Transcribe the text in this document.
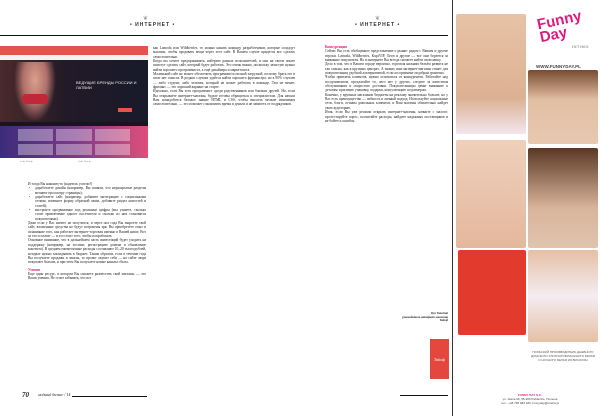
❦
• ИНТЕРНЕТ •
ВЕДУЩИЕ БРЕНДЫ РОССИИ И ЛАТВИИ
Сайт Tatioф	Сайт Tatioф

И тогда Вы наконец-то (надеюсь успели?)

• доработаете дизайн (например, Вы поняли, что нераскрытые разделы мешают просмотру страницы);
• доработаете сайт (например, добавите интеграцию с социальными сетями, измените форму обратной связи, добавите раздел новостей и статей);
• настроите продвижение под реальные цифры (мы узнаете, сколько стоит привлечение одного посетителя и сколько из них становятся покупателями).

Даже если у Вас ничего не получится, и через пол года Вы закроете свой сайт, вложенные средства не будут потрачены зря: Вы приобретёте опыт и понимание того, как работает интернет-торговля именно в Вашей нише. Вот за это и платят — и это стоит того, чтобы попробовать.

Основное внимание, что в дальнейшем часть инвестиций будет уходить на поддержку (например, на хостинг, регистрацию домена и обновление контента). В среднем ежемесячные расходы составляют 10–20 тысяч рублей, которые нужно закладывать в бюджет. Таким образом, если в течение года Вы получаете продажи и заказы, то проект окупит себя — на сайте люди покупают больше, и при этом Вы получаете новые каналы сбыта.

Умение

Еще один ресурс, в котором Вы сможете разместить свой магазин, — это Ваши умения. Не стоит забывать, что все

как Lamoda или Wildberries, то можно нанять команду разработчиков, которые создадут магазин, чтобы продавать вещи через этот сайт. В Вашем случае придется все сделать самостоятельно.

Когда вы хотите предпринимать, наберите разных исполнителей, и они на своем опыте помогут сделать сайт, который будет работать. Это очень важно, поскольку зачастую нужно найти хорошего программиста, а ещё дизайнера и маркетолога.

Маленький сайт не может обеспечить программиста полной загрузкой, поэтому брать его в штат нет смысла. В редких случаях удаётся найти хорошего фрилансера, но в 90% случаев — либо студент, либо человек, который не может работать в команде. Тем не менее, фриланс — это хороший вариант на старте.

Идеально, если Вы есть программист среди родственников или близких друзей. Но, если Вы открываете интернет-магазин, будьте готовы обращаться к специалистам. Для начала Вам понадобится базовое знание HTML и CSS, чтобы вносить мелкие изменения самостоятельно, — это поможет сэкономить время и деньги и не зависеть от подрядчиков.

70 модный бизнес / 14
❦
• ИНТЕРНЕТ •

Конкуренция

Сейчас Вы есть обобщенное представление о рынке: рядом с Вашим и другие игроки. Lamoda, Wildberries, KupiVIP, Ozon и другие — все они борются за внимание покупателя. Но в интернете Вы всегда сможете найти свою нишу.

Дело в том, что в Вашем городе вероятно, торговля нижним бельём развита не так сильно, как в крупных центрах. А значит, ваш интернет-магазин станет для покупательниц удобной альтернативой, если ассортимент подобран грамотно.

Чтобы привлечь клиентов, нужно отличаться от конкурентов. Работайте над ассортиментом, предлагайте то, чего нет у других, следите за качеством обслуживания и скоростью доставки. Покупательницы ценят внимание к деталям: красивую упаковку, подарки, консультацию по размерам.

Конечно, у крупных магазинов бюджеты на рекламу значительно больше, но у Вас есть преимущество — гибкость и личный подход. Используйте социальные сети, блоги, отзывы довольных клиентов, и Ваш магазин обязательно найдет свою аудиторию.

Итак, если Вы уже решили открыть интернет-магазин, начните с малого: протестируйте спрос, посчитайте расходы, найдите надежных поставщиков и не бойтесь ошибок.

Ilya Tomchak
руководитель интернет-магазина Tatioф
Tatioф
Funny Day
INTIMO
WWW.FUNNYDAY.PL
ПОЛЬСКИЙ ПРОИЗВОДИТЕЛЬ ДНЕВНОГО ДАМСКОГО ХЛОПЧАТОБУМАЖНОГО БЕЛЬЯ И НОЧНОГО БЕЛЬЯ ИЗ ВИСКОЗЫ
FUNNY DAY S.C.
ул. Jasna 96, 95-200 Pabianice, Польша
тел.: +48 796 083 180, funnyday@interia.pl
